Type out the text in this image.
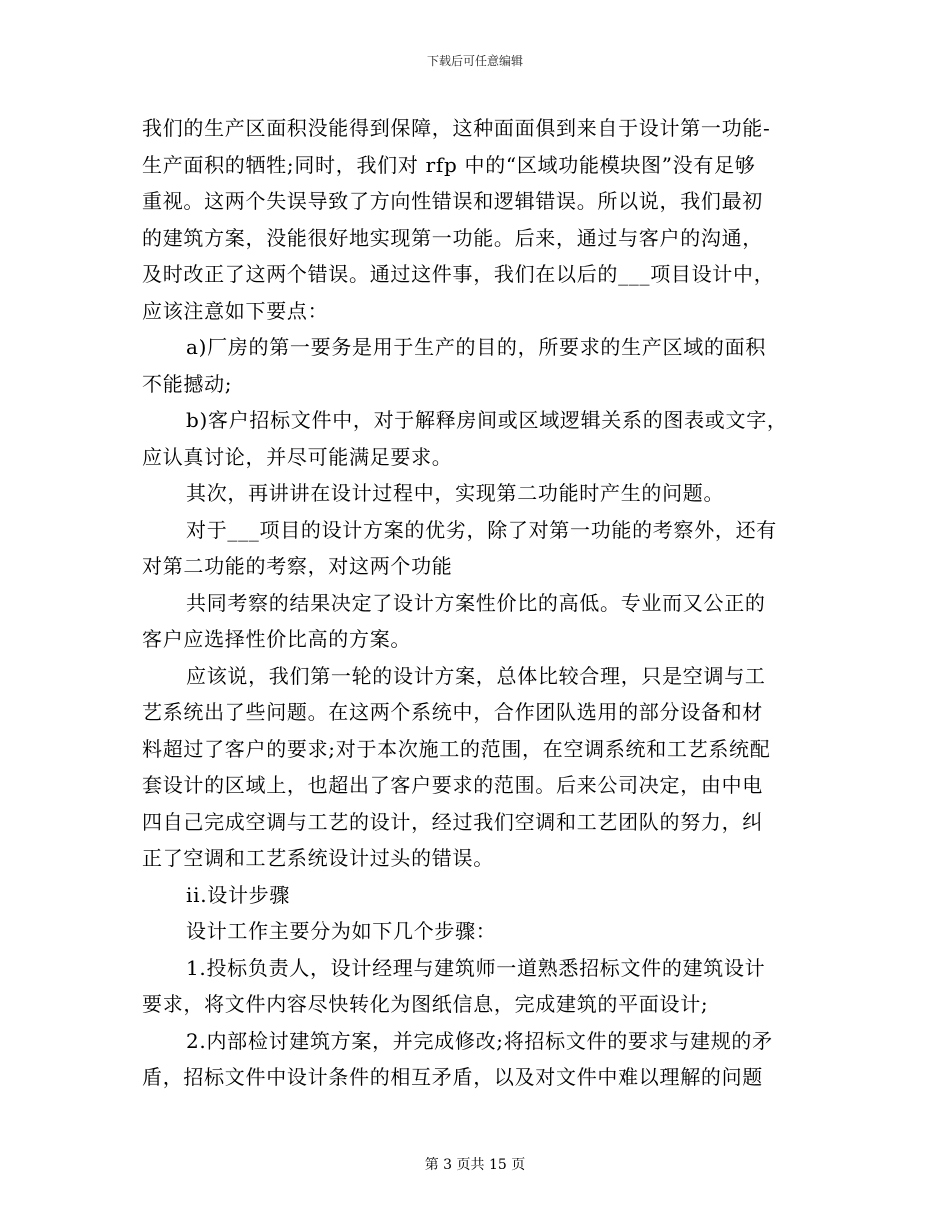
下载后可任意编辑
我们的生产区面积没能得到保障，这种面面俱到来自于设计第一功能-
生产面积的牺牲;同时，我们对 rfp 中的“区域功能模块图”没有足够
重视。这两个失误导致了方向性错误和逻辑错误。所以说，我们最初
的建筑方案，没能很好地实现第一功能。后来，通过与客户的沟通，
及时改正了这两个错误。通过这件事，我们在以后的___项目设计中，
应该注意如下要点：
a)厂房的第一要务是用于生产的目的，所要求的生产区域的面积
不能撼动;
b)客户招标文件中，对于解释房间或区域逻辑关系的图表或文字，
应认真讨论，并尽可能满足要求。
其次，再讲讲在设计过程中，实现第二功能时产生的问题。
对于___项目的设计方案的优劣，除了对第一功能的考察外，还有
对第二功能的考察，对这两个功能
共同考察的结果决定了设计方案性价比的高低。专业而又公正的
客户应选择性价比高的方案。
应该说，我们第一轮的设计方案，总体比较合理，只是空调与工
艺系统出了些问题。在这两个系统中，合作团队选用的部分设备和材
料超过了客户的要求;对于本次施工的范围，在空调系统和工艺系统配
套设计的区域上，也超出了客户要求的范围。后来公司决定，由中电
四自己完成空调与工艺的设计，经过我们空调和工艺团队的努力，纠
正了空调和工艺系统设计过头的错误。
ii.设计步骤
设计工作主要分为如下几个步骤：
1.投标负责人，设计经理与建筑师一道熟悉招标文件的建筑设计
要求，将文件内容尽快转化为图纸信息，完成建筑的平面设计;
2.内部检讨建筑方案，并完成修改;将招标文件的要求与建规的矛
盾，招标文件中设计条件的相互矛盾，以及对文件中难以理解的问题
第 3 页共 15 页
